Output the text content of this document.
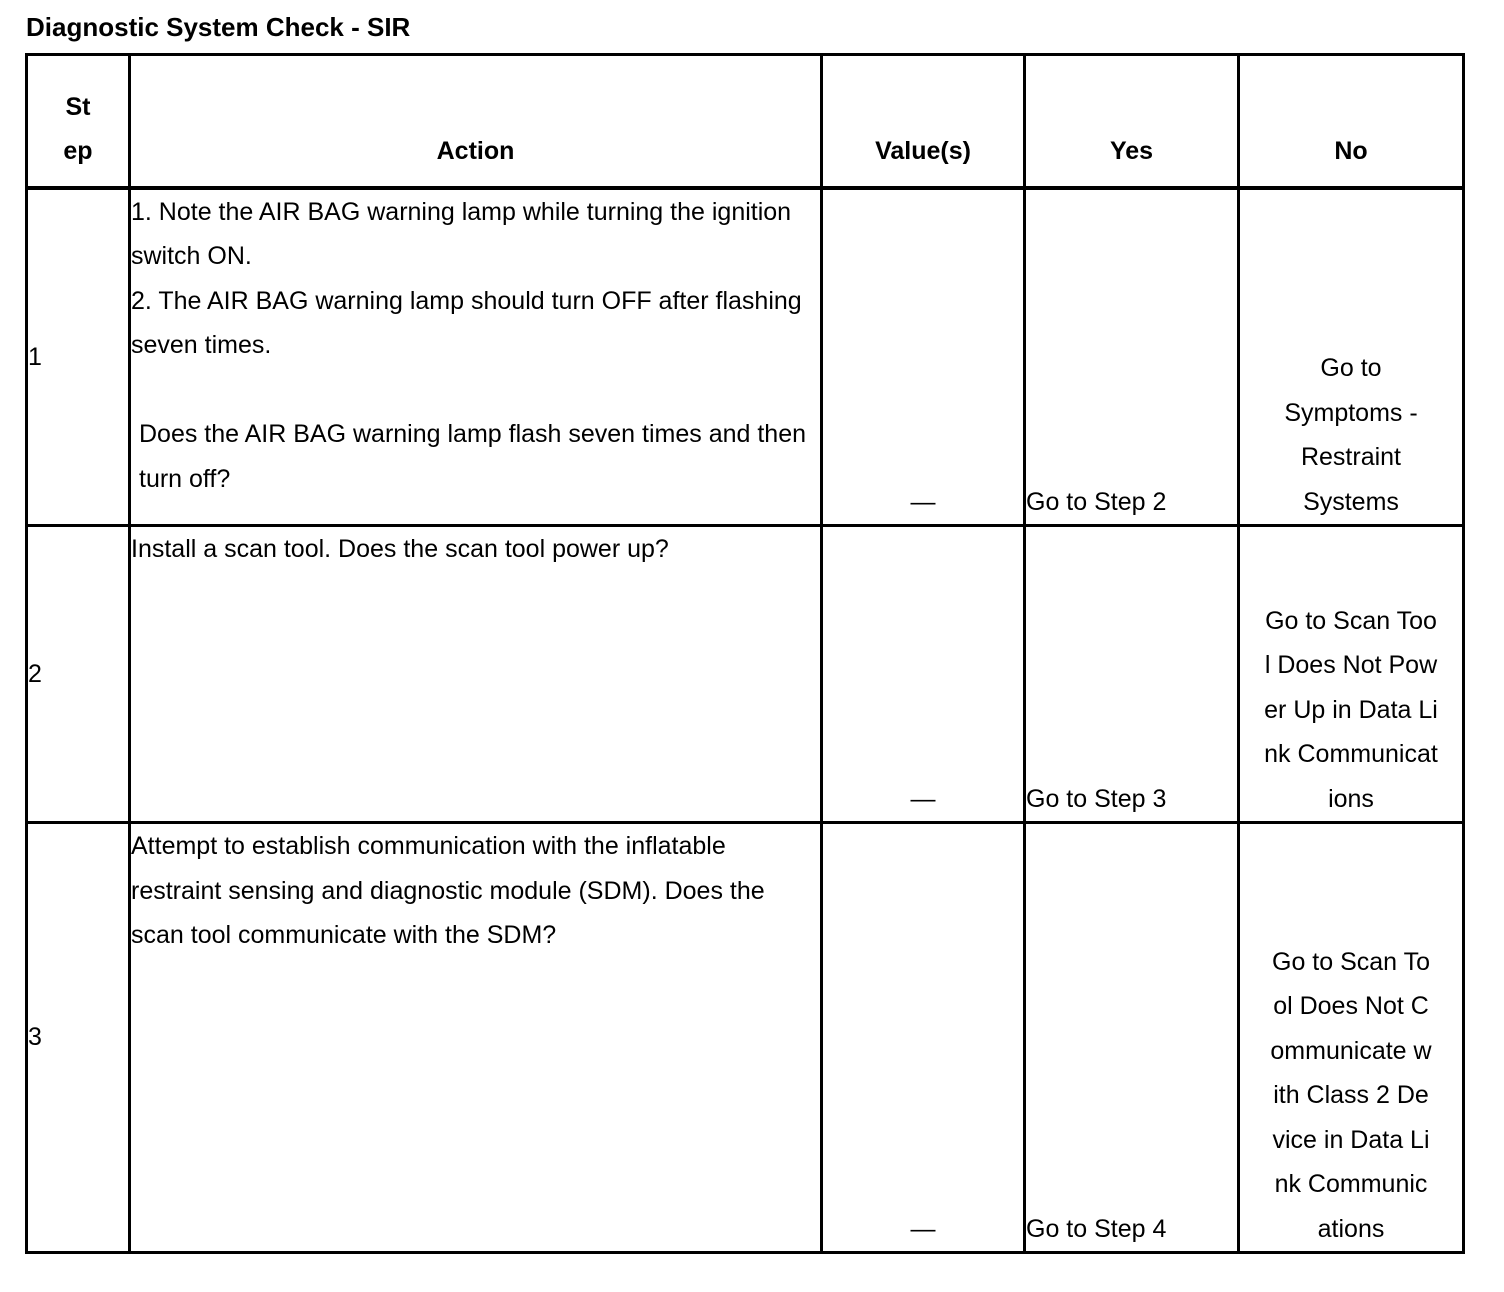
Diagnostic System Check - SIR
Step	Action	Value(s)	Yes	No
1	1. Note the AIR BAG warning lamp while turning the ignition switch ON.
2. The AIR BAG warning lamp should turn OFF after flashing seven times.
Does the AIR BAG warning lamp flash seven times and then turn off?	—	Go to Step 2	Go to Symptoms - Restraint Systems
2	Install a scan tool. Does the scan tool power up?	—	Go to Step 3	Go to Scan Tool Does Not Power Up in Data Link Communications
3	Attempt to establish communication with the inflatable restraint sensing and diagnostic module (SDM). Does the scan tool communicate with the SDM?	—	Go to Step 4	Go to Scan Tool Does Not Communicate with Class 2 Device in Data Link Communications
